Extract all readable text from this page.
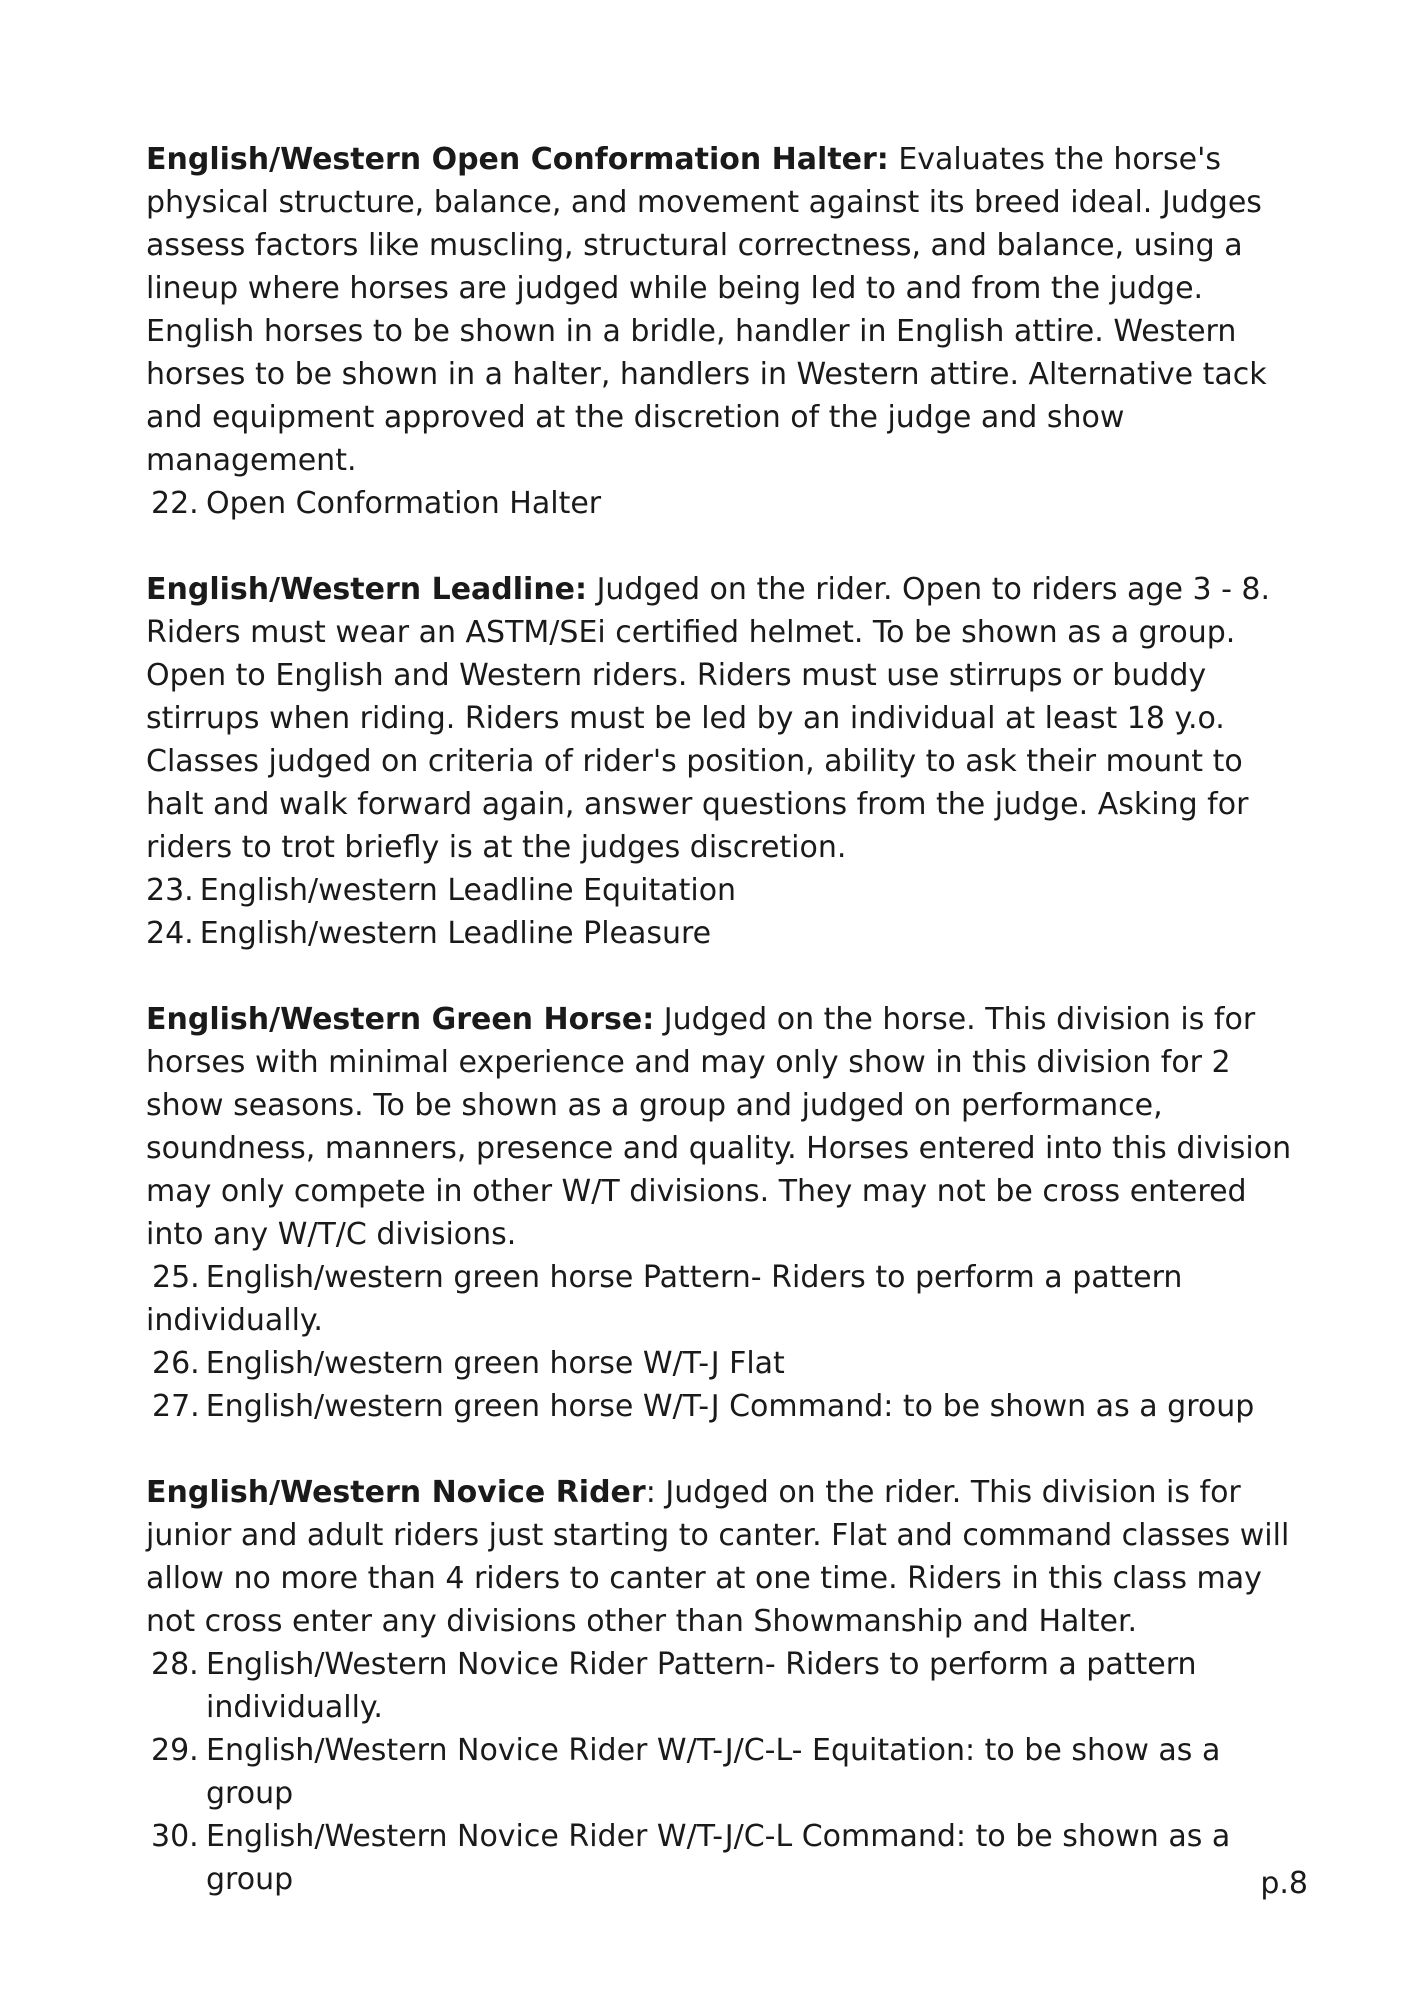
English/Western Open Conformation Halter: Evaluates the horse's physical structure, balance, and movement against its breed ideal. Judges assess factors like muscling, structural correctness, and balance, using a lineup where horses are judged while being led to and from the judge. English horses to be shown in a bridle, handler in English attire. Western horses to be shown in a halter, handlers in Western attire. Alternative tack and equipment approved at the discretion of the judge and show management.

22. Open Conformation Halter

English/Western Leadline: Judged on the rider. Open to riders age 3 - 8. Riders must wear an ASTM/SEi certified helmet. To be shown as a group. Open to English and Western riders. Riders must use stirrups or buddy stirrups when riding. Riders must be led by an individual at least 18 y.o. Classes judged on criteria of rider's position, ability to ask their mount to halt and walk forward again, answer questions from the judge. Asking for riders to trot briefly is at the judges discretion.

23. English/western Leadline Equitation
24. English/western Leadline Pleasure

English/Western Green Horse: Judged on the horse. This division is for horses with minimal experience and may only show in this division for 2 show seasons. To be shown as a group and judged on performance, soundness, manners, presence and quality. Horses entered into this division may only compete in other W/T divisions. They may not be cross entered into any W/T/C divisions.

25. English/western green horse Pattern- Riders to perform a pattern individually.
26. English/western green horse W/T-J Flat
27. English/western green horse W/T-J Command: to be shown as a group

English/Western Novice Rider: Judged on the rider. This division is for junior and adult riders just starting to canter. Flat and command classes will allow no more than 4 riders to canter at one time. Riders in this class may not cross enter any divisions other than Showmanship and Halter.

28. English/Western Novice Rider Pattern- Riders to perform a pattern individually.
29. English/Western Novice Rider W/T-J/C-L- Equitation: to be show as a group
30. English/Western Novice Rider W/T-J/C-L Command: to be shown as a group	p.8
